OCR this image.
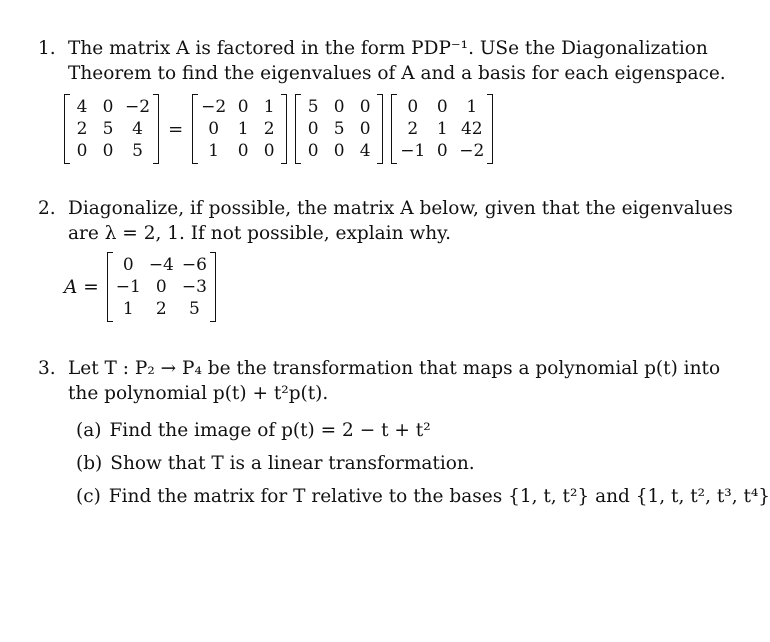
1. The matrix A is factored in the form PDP⁻¹. USe the Diagonalization
Theorem to find the eigenvalues of A and a basis for each eigenspace.
4 0 −2
2 5	4
0 0	5
=
−2 0 1
0	1 2
1	0 0
5 0 0
0 5 0
0 0 4
0	0	1
2	1 42
−1 0 −2
2. Diagonalize, if possible, the matrix A below, given that the eigenvalues
are λ = 2, 1. If not possible, explain why.
A =
0 −4 −6
−1 0 −3
1	2	5
3. Let T : P₂ → P₄ be the transformation that maps a polynomial p(t) into
the polynomial p(t) + t²p(t).
(a) Find the image of p(t) = 2 − t + t²
(b) Show that T is a linear transformation.
(c) Find the matrix for T relative to the bases {1, t, t²} and {1, t, t², t³, t⁴}
